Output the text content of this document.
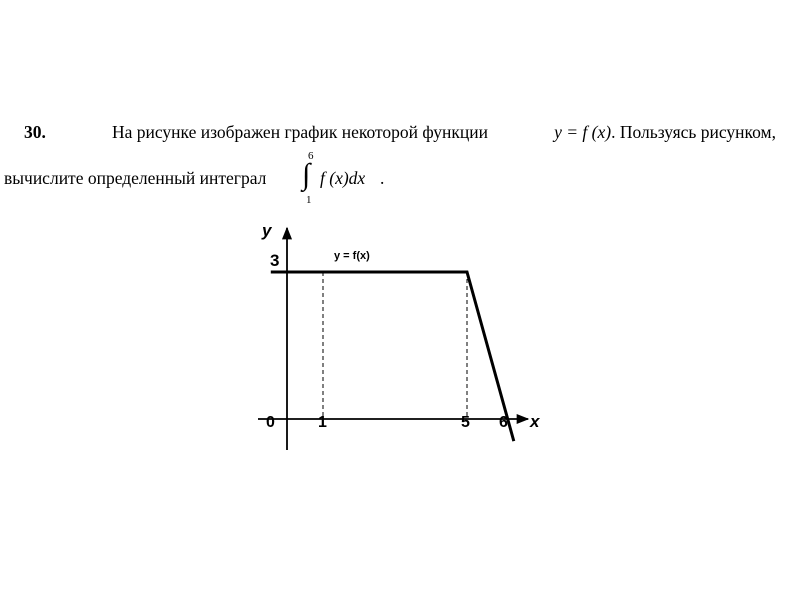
30.	На рисунке изображен график некоторой функции	y = f (x) . Пользуясь рисунком,
вычислите определенный интеграл
6
∫
1
f (x)dx .
y
x
0
3
1	5 6
y = f(x)
